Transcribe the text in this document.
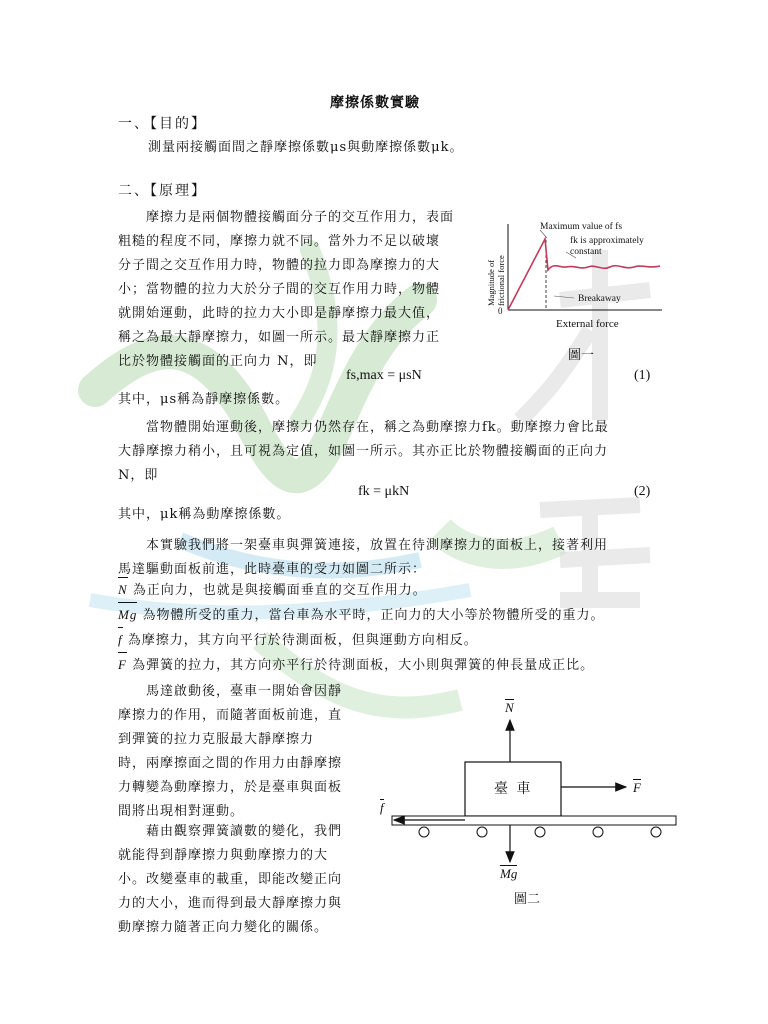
摩擦係數實驗
一、【目的】
測量兩接觸面間之靜摩擦係數μs與動摩擦係數μk。
二、【原理】
摩擦力是兩個物體接觸面分子的交互作用力，表面
粗糙的程度不同，摩擦力就不同。當外力不足以破壞
分子間之交互作用力時，物體的拉力即為摩擦力的大
小；當物體的拉力大於分子間的交互作用力時，物體
就開始運動，此時的拉力大小即是靜摩擦力最大值，
稱之為最大靜摩擦力，如圖一所示。最大靜摩擦力正
比於物體接觸面的正向力 N，即
Maximum value of fs
fk is approximately
constant
Breakaway
0
External force
Magnitude of frictional force
圖一
fs,max = μsN	(1)
其中，μs稱為靜摩擦係數。
當物體開始運動後，摩擦力仍然存在，稱之為動摩擦力fk。動摩擦力會比最
大靜摩擦力稍小，且可視為定值，如圖一所示。其亦正比於物體接觸面的正向力
N，即
fk = μkN	(2)
其中，μk稱為動摩擦係數。
本實驗我們將一架臺車與彈簧連接，放置在待測摩擦力的面板上，接著利用
馬達驅動面板前進，此時臺車的受力如圖二所示：
N 為正向力，也就是與接觸面垂直的交互作用力。
Mg 為物體所受的重力，當台車為水平時，正向力的大小等於物體所受的重力。
f 為摩擦力，其方向平行於待測面板，但與運動方向相反。
F 為彈簧的拉力，其方向亦平行於待測面板，大小則與彈簧的伸長量成正比。
馬達啟動後，臺車一開始會因靜
摩擦力的作用，而隨著面板前進，直
到彈簧的拉力克服最大靜摩擦力
時，兩摩擦面之間的作用力由靜摩擦
力轉變為動摩擦力，於是臺車與面板
間將出現相對運動。
藉由觀察彈簧讀數的變化，我們
就能得到靜摩擦力與動摩擦力的大
小。改變臺車的載重，即能改變正向
力的大小，進而得到最大靜摩擦力與
動摩擦力隨著正向力變化的關係。
臺 車
N
F
f
Mg
圖二
